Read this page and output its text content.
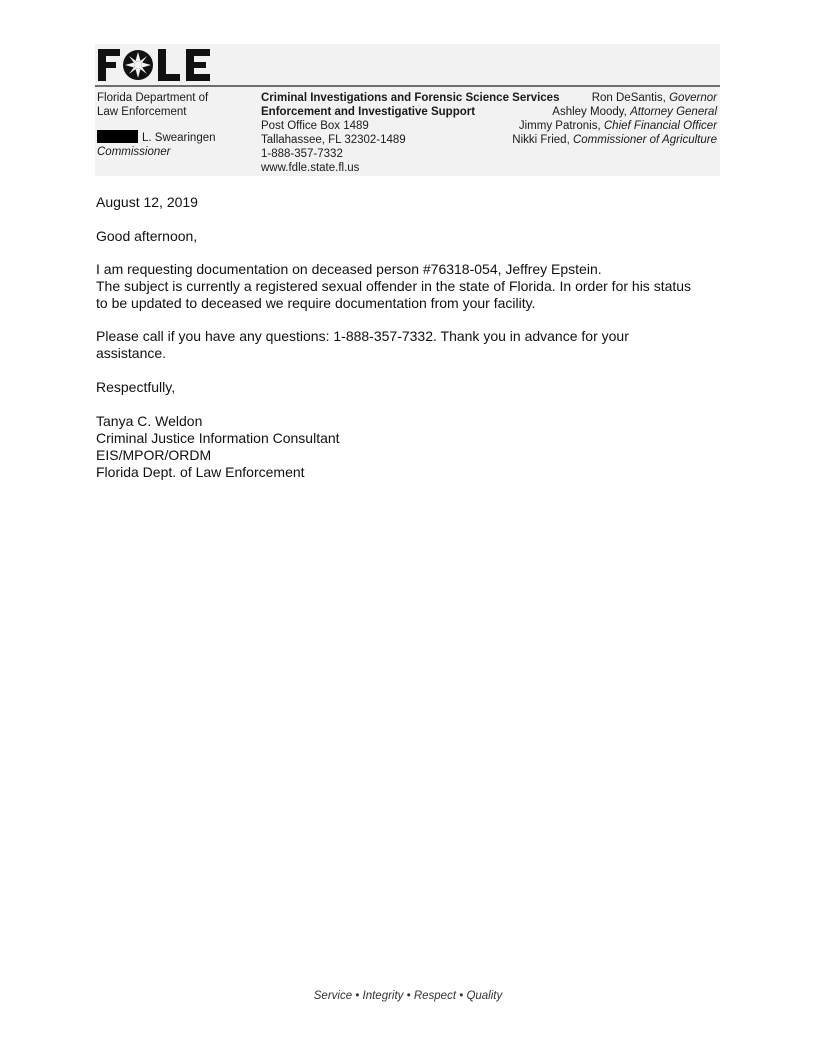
Florida Department of
Law Enforcement
L. Swearingen
Commissioner
Criminal Investigations and Forensic Science Services
Enforcement and Investigative Support
Post Office Box 1489
Tallahassee, FL 32302-1489
1-888-357-7332
www.fdle.state.fl.us
Ron DeSantis, Governor
Ashley Moody, Attorney General
Jimmy Patronis, Chief Financial Officer
Nikki Fried, Commissioner of Agriculture
August 12, 2019
Good afternoon,

I am requesting documentation on deceased person #76318-054, Jeffrey Epstein.

The subject is currently a registered sexual offender in the state of Florida. In order for his status

to be updated to deceased we require documentation from your facility.

Please call if you have any questions: 1-888-357-7332. Thank you in advance for your

assistance.

Respectfully,

Tanya C. Weldon

Criminal Justice Information Consultant

EIS/MPOR/ORDM

Florida Dept. of Law Enforcement

Service • Integrity • Respect • Quality
